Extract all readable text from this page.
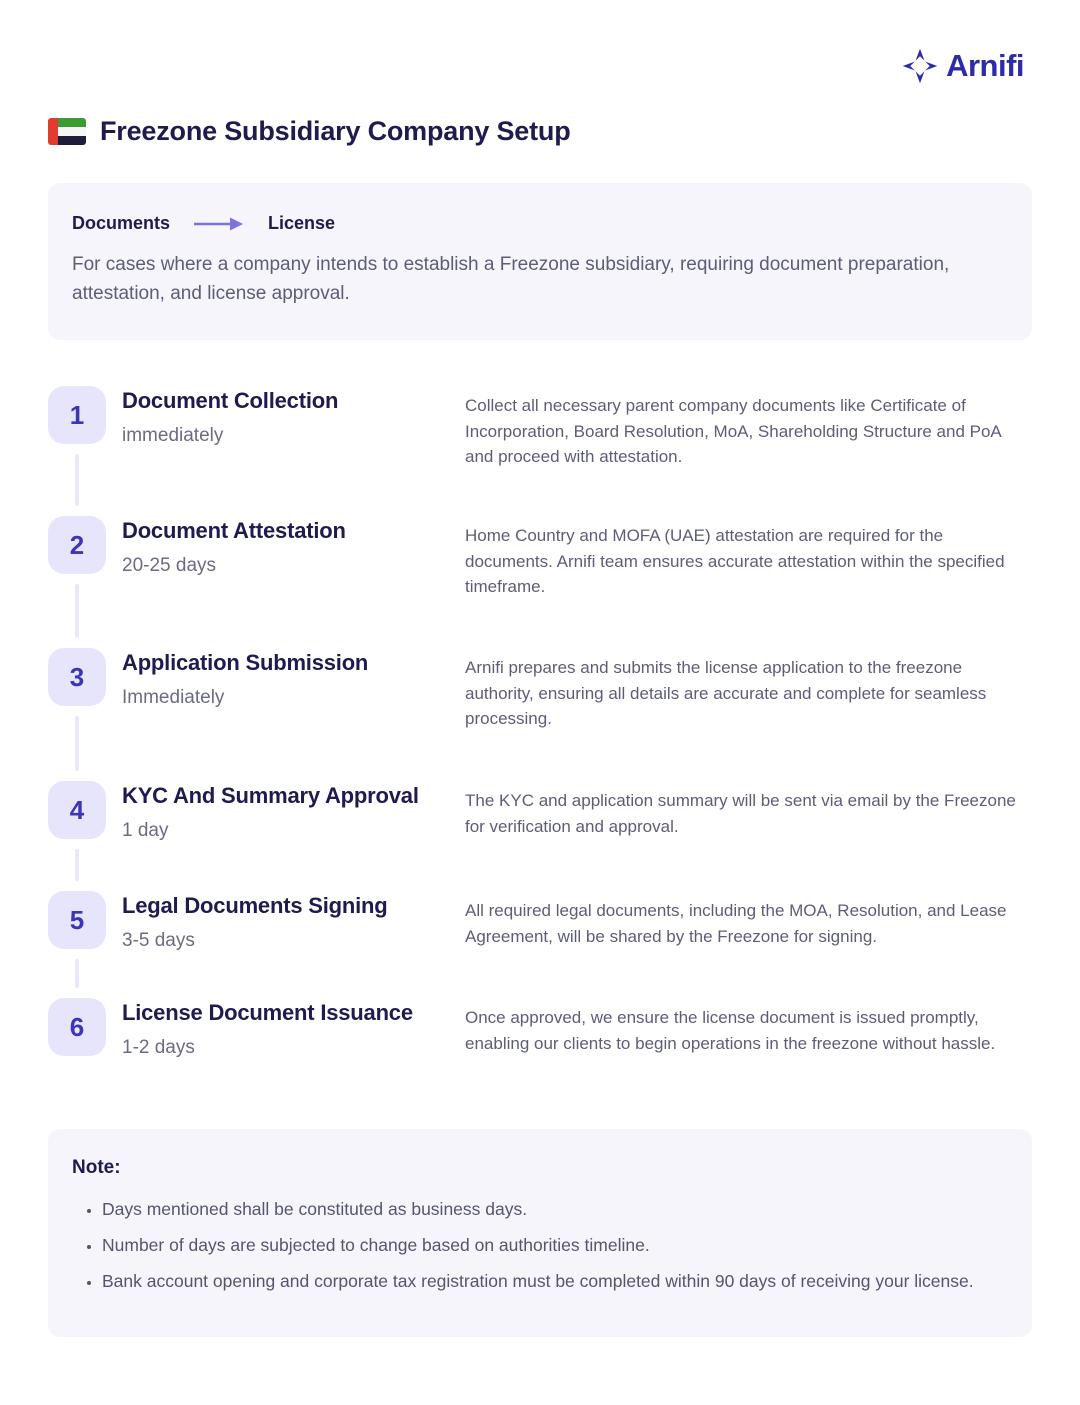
Arnifi
Freezone Subsidiary Company Setup
Documents	License

For cases where a company intends to establish a Freezone subsidiary, requiring document preparation, attestation, and license approval.

1	Document Collection
immediately
Collect all necessary parent company documents like Certificate of Incorporation, Board Resolution, MoA, Shareholding Structure and PoA and proceed with attestation.
2	Document Attestation
20-25 days
Home Country and MOFA (UAE) attestation are required for the documents. Arnifi team ensures accurate attestation within the specified timeframe.
3	Application Submission
Immediately
Arnifi prepares and submits the license application to the freezone authority, ensuring all details are accurate and complete for seamless processing.
4	KYC And Summary Approval
1 day
The KYC and application summary will be sent via email by the Freezone for verification and approval.
5	Legal Documents Signing
3-5 days
All required legal documents, including the MOA, Resolution, and Lease Agreement, will be shared by the Freezone for signing.
6	License Document Issuance
1-2 days
Once approved, we ensure the license document is issued promptly, enabling our clients to begin operations in the freezone without hassle.
Note:
• Days mentioned shall be constituted as business days.
• Number of days are subjected to change based on authorities timeline.
• Bank account opening and corporate tax registration must be completed within 90 days of receiving your license.
